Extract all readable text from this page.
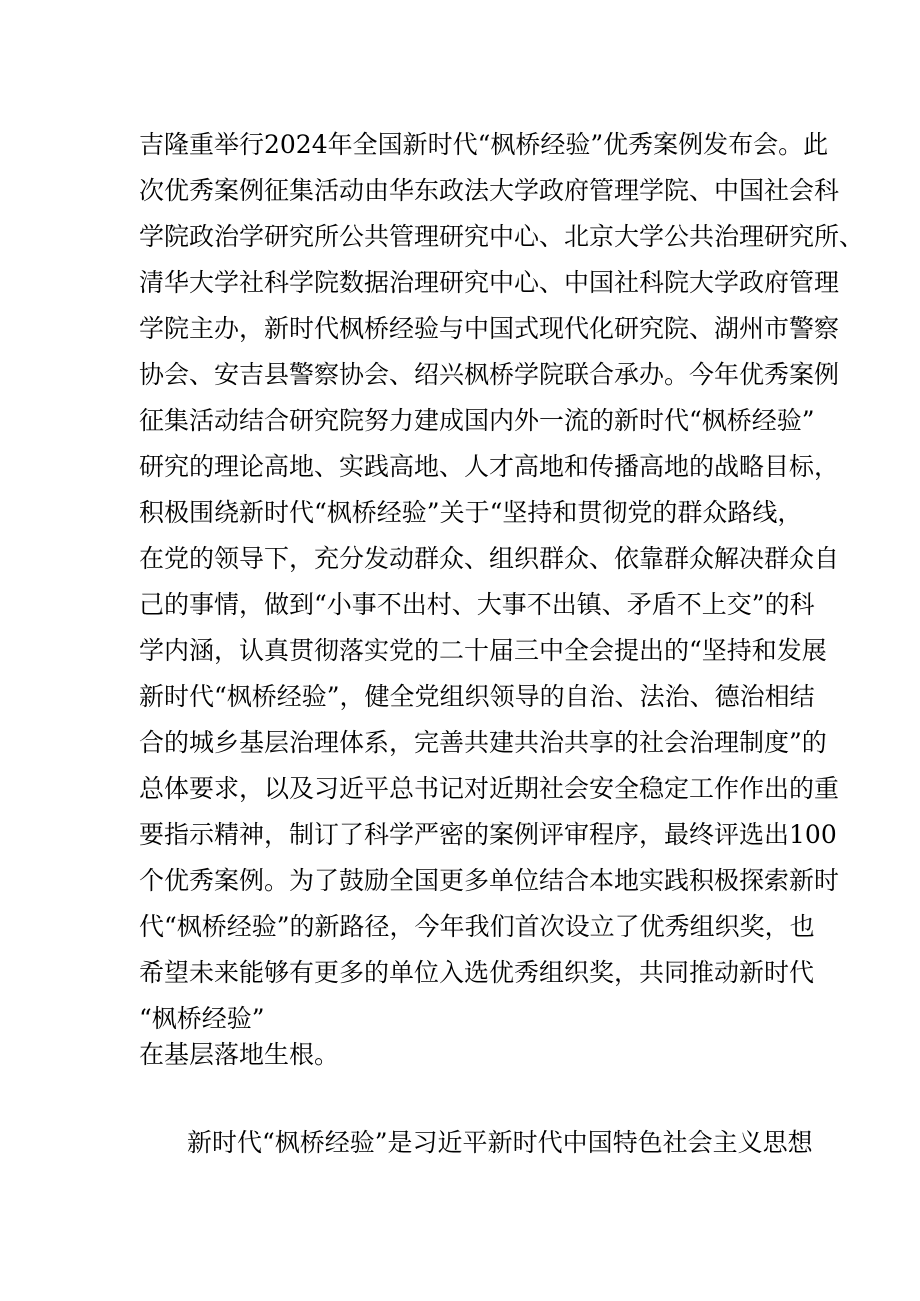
吉隆重举行2024年全国新时代“枫桥经验”优秀案例发布会。此
次优秀案例征集活动由华东政法大学政府管理学院、中国社会科
学院政治学研究所公共管理研究中心、北京大学公共治理研究所、
清华大学社科学院数据治理研究中心、中国社科院大学政府管理
学院主办，新时代枫桥经验与中国式现代化研究院、湖州市警察
协会、安吉县警察协会、绍兴枫桥学院联合承办。今年优秀案例
征集活动结合研究院努力建成国内外一流的新时代“枫桥经验”
研究的理论高地、实践高地、人才高地和传播高地的战略目标，
积极围绕新时代“枫桥经验”关于“坚持和贯彻党的群众路线，
在党的领导下，充分发动群众、组织群众、依靠群众解决群众自
己的事情，做到“小事不出村、大事不出镇、矛盾不上交”的科
学内涵，认真贯彻落实党的二十届三中全会提出的“坚持和发展
新时代“枫桥经验”，健全党组织领导的自治、法治、德治相结
合的城乡基层治理体系，完善共建共治共享的社会治理制度”的
总体要求，以及习近平总书记对近期社会安全稳定工作作出的重
要指示精神，制订了科学严密的案例评审程序，最终评选出100
个优秀案例。为了鼓励全国更多单位结合本地实践积极探索新时
代“枫桥经验”的新路径，今年我们首次设立了优秀组织奖，也
希望未来能够有更多的单位入选优秀组织奖，共同推动新时代
“枫桥经验”
在基层落地生根。
新时代“枫桥经验”是习近平新时代中国特色社会主义思想
